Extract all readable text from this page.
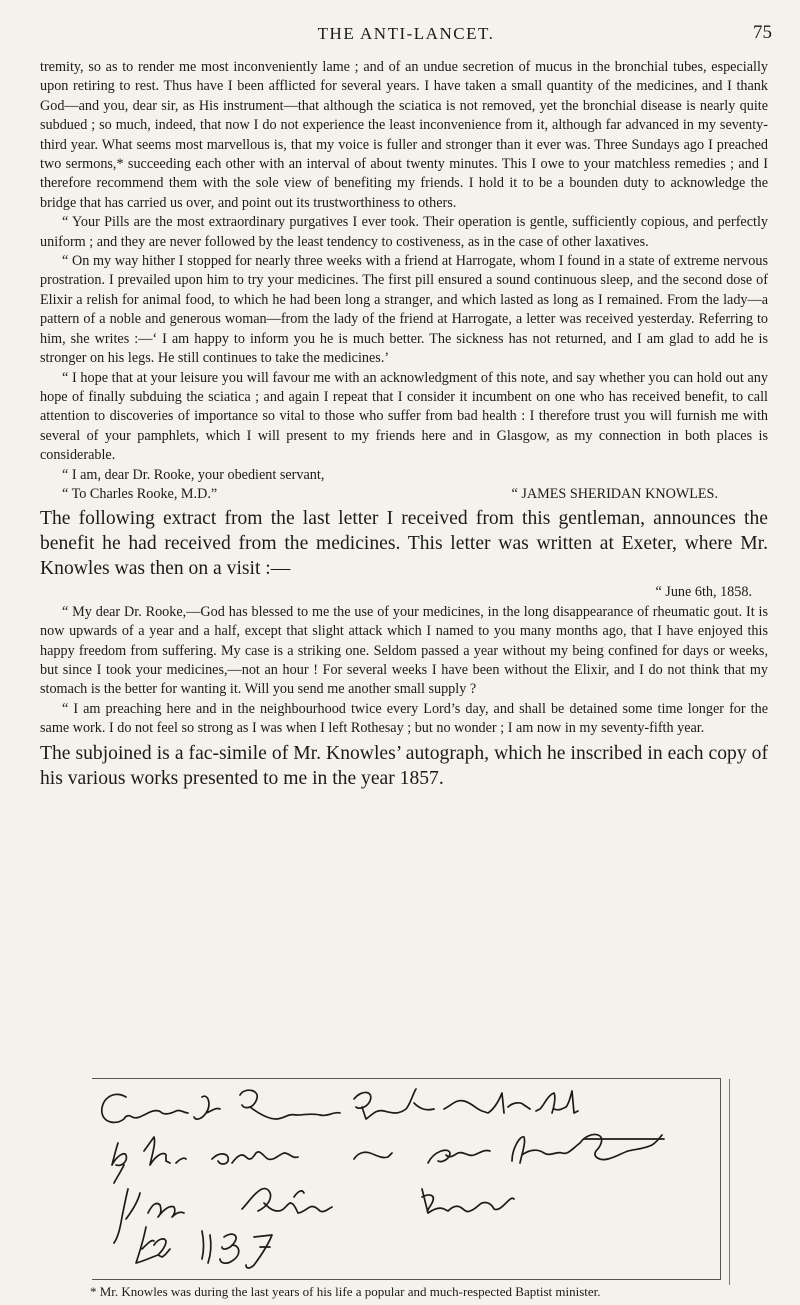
THE ANTI-LANCET.	75

tremity, so as to render me most inconveniently lame ; and of an undue secretion of mucus in the bronchial tubes, especially upon retiring to rest. Thus have I been afflicted for several years. I have taken a small quantity of the medicines, and I thank God—and you, dear sir, as His instrument—that although the sciatica is not removed, yet the bronchial disease is nearly quite subdued ; so much, indeed, that now I do not experience the least inconvenience from it, although far advanced in my seventy-third year. What seems most marvellous is, that my voice is fuller and stronger than it ever was. Three Sundays ago I preached two sermons,* succeeding each other with an interval of about twenty minutes. This I owe to your matchless remedies ; and I therefore recommend them with the sole view of benefiting my friends. I hold it to be a bounden duty to acknowledge the bridge that has carried us over, and point out its trustworthiness to others.

“ Your Pills are the most extraordinary purgatives I ever took. Their operation is gentle, sufficiently copious, and perfectly uniform ; and they are never followed by the least tendency to costiveness, as in the case of other laxatives.

“ On my way hither I stopped for nearly three weeks with a friend at Harrogate, whom I found in a state of extreme nervous prostration. I prevailed upon him to try your medicines. The first pill ensured a sound continuous sleep, and the second dose of Elixir a relish for animal food, to which he had been long a stranger, and which lasted as long as I remained. From the lady—a pattern of a noble and generous woman—from the lady of the friend at Harrogate, a letter was received yesterday. Referring to him, she writes :—‘ I am happy to inform you he is much better. The sickness has not returned, and I am glad to add he is stronger on his legs. He still continues to take the medicines.’

“ I hope that at your leisure you will favour me with an acknowledgment of this note, and say whether you can hold out any hope of finally subduing the sciatica ; and again I repeat that I consider it incumbent on one who has received benefit, to call attention to discoveries of importance so vital to those who suffer from bad health : I therefore trust you will furnish me with several of your pamphlets, which I will present to my friends here and in Glasgow, as my connection in both places is considerable.

“ I am, dear Dr. Rooke, your obedient servant,

“ To Charles Rooke, M.D.”	“ JAMES SHERIDAN KNOWLES.

The following extract from the last letter I received from this gentleman, announces the benefit he had received from the medicines. This letter was written at Exeter, where Mr. Knowles was then on a visit :—

“ June 6th, 1858.

“ My dear Dr. Rooke,—God has blessed to me the use of your medicines, in the long disappearance of rheumatic gout. It is now upwards of a year and a half, except that slight attack which I named to you many months ago, that I have enjoyed this happy freedom from suffering. My case is a striking one. Seldom passed a year without my being confined for days or weeks, but since I took your medicines,—not an hour ! For several weeks I have been without the Elixir, and I do not think that my stomach is the better for wanting it. Will you send me another small supply ?

“ I am preaching here and in the neighbourhood twice every Lord’s day, and shall be detained some time longer for the same work. I do not feel so strong as I was when I left Rothesay ; but no wonder ; I am now in my seventy-fifth year.

The subjoined is a fac-simile of Mr. Knowles’ autograph, which he inscribed in each copy of his various works presented to me in the year 1857.

* Mr. Knowles was during the last years of his life a popular and much-respected Baptist minister.
